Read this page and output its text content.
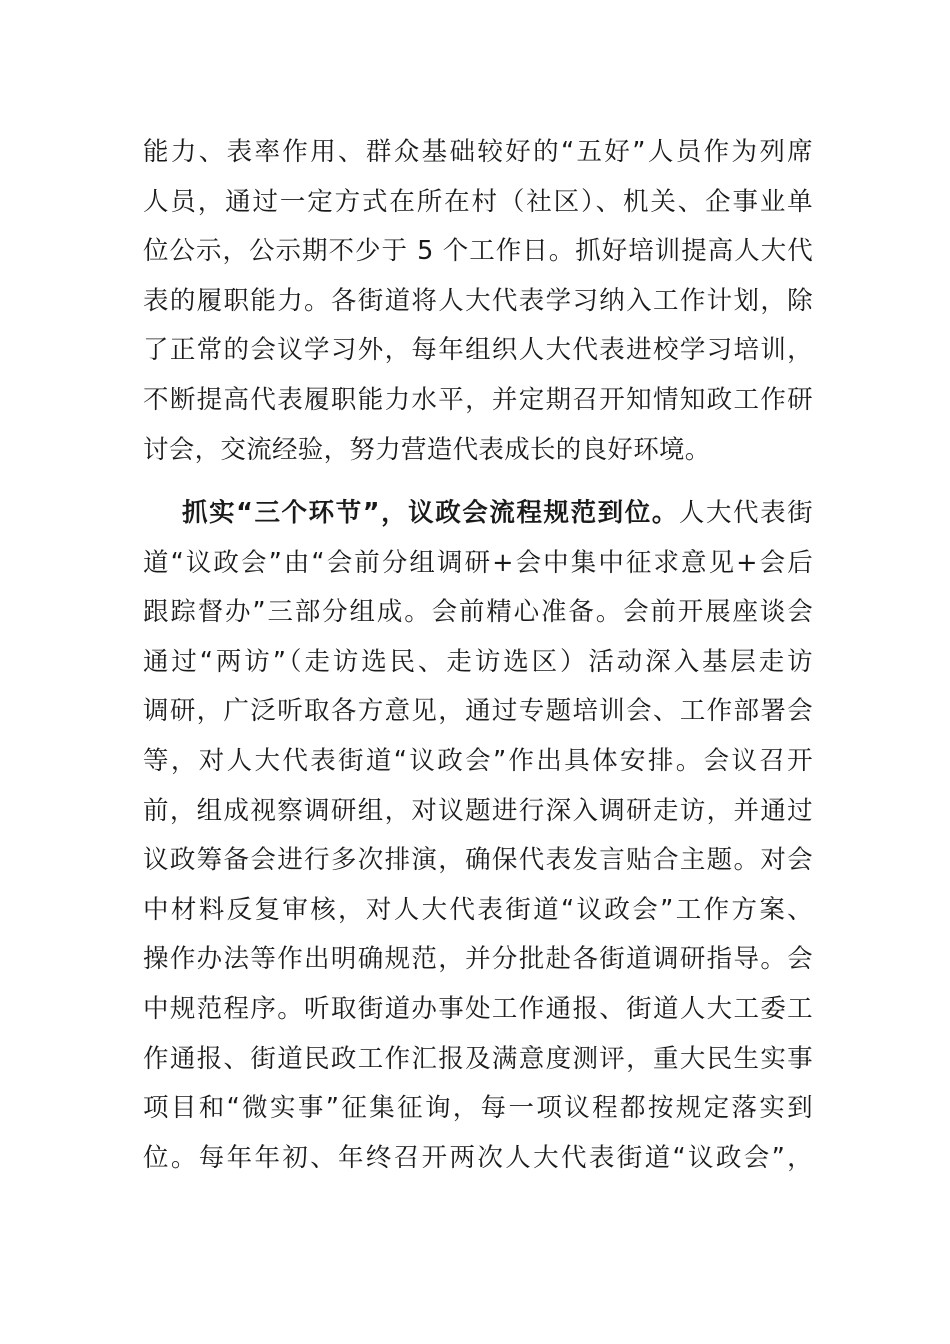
能力、表率作用、群众基础较好的“五好”人员作为列席
人员，通过一定方式在所在村（社区）、机关、企事业单
位公示，公示期不少于 5 个工作日。抓好培训提高人大代
表的履职能力。各街道将人大代表学习纳入工作计划，除
了正常的会议学习外，每年组织人大代表进校学习培训，
不断提高代表履职能力水平，并定期召开知情知政工作研
讨会，交流经验，努力营造代表成长的良好环境。
抓实“三个环节”，议政会流程规范到位。人大代表街
道“议政会”由“会前分组调研+会中集中征求意见+会后
跟踪督办”三部分组成。会前精心准备。会前开展座谈会
通过“两访”（走访选民、走访选区）活动深入基层走访
调研，广泛听取各方意见，通过专题培训会、工作部署会
等，对人大代表街道“议政会”作出具体安排。会议召开
前，组成视察调研组，对议题进行深入调研走访，并通过
议政筹备会进行多次排演，确保代表发言贴合主题。对会
中材料反复审核，对人大代表街道“议政会”工作方案、
操作办法等作出明确规范，并分批赴各街道调研指导。会
中规范程序。听取街道办事处工作通报、街道人大工委工
作通报、街道民政工作汇报及满意度测评，重大民生实事
项目和“微实事”征集征询，每一项议程都按规定落实到
位。每年年初、年终召开两次人大代表街道“议政会”，
